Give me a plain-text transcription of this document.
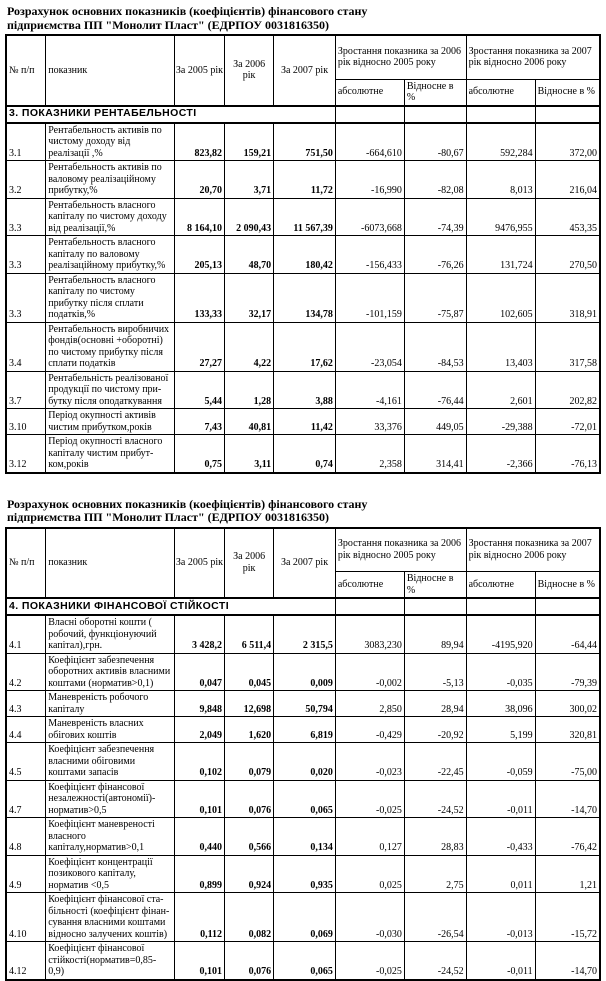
Розрахунок основних показників (коефіцієнтів) фінансового стану
підприємства ПП "Монолит Пласт" (ЕДРПОУ 0031816350)
№ п/п	показник	За 2005 рік	За 2006 рік	За 2007 рік	Зростання показника за 2006 рік відносно 2005 року		Зростання показника за 2007 рік відносно 2006 року	
					абсолютне	Відносне в %	абсолютне	Відносне в %
3. ПОКАЗНИКИ РЕНТАБЕЛЬНОСТІ								
3.1	Рентабельность активів по чистому доходу від реалізації ,%	823,82	159,21	751,50	-664,610	-80,67	592,284	372,00
3.2	Рентабельность активів по валовому реалізаційному прибутку,%	20,70	3,71	11,72	-16,990	-82,08	8,013	216,04
3.3	Рентабельность власного капіталу по чистому доходу від реалізації,%	8 164,10	2 090,43	11 567,39	-6073,668	-74,39	9476,955	453,35
3.3	Рентабельность власного капіталу по валовому реалізаційному прибутку,%	205,13	48,70	180,42	-156,433	-76,26	131,724	270,50
3.3	Рентабельность власного капіталу по чистому прибутку після сплати податків,%	133,33	32,17	134,78	-101,159	-75,87	102,605	318,91
3.4	Рентабельность виробничих фондів(основні +оборотні) по чистому прибутку після сплати податків	27,27	4,22	17,62	-23,054	-84,53	13,403	317,58
3.7	Рентабельність реалізованої продукції по чистому при- бутку після оподаткування	5,44	1,28	3,88	-4,161	-76,44	2,601	202,82
3.10	Період окупності активів чистим прибутком,років	7,43	40,81	11,42	33,376	449,05	-29,388	-72,01
3.12	Період окупності власного капіталу чистим прибут- ком,років	0,75	3,11	0,74	2,358	314,41	-2,366	-76,13
Розрахунок основних показників (коефіцієнтів) фінансового стану
підприємства ПП "Монолит Пласт" (ЕДРПОУ 0031816350)
№ п/п	показник	За 2005 рік	За 2006 рік	За 2007 рік	Зростання показника за 2006 рік відносно 2005 року		Зростання показника за 2007 рік відносно 2006 року	
					абсолютне	Відносне в %	абсолютне	Відносне в %
4. ПОКАЗНИКИ ФІНАНСОВОЇ СТІЙКОСТІ								
4.1	Власні оборотні кошти ( робочий, функціонуючий капітал),грн.	3 428,2	6 511,4	2 315,5	3083,230	89,94	-4195,920	-64,44
4.2	Коефіцієнт забезпечення оборотних активів власними коштами (норматив>0,1)	0,047	0,045	0,009	-0,002	-5,13	-0,035	-79,39
4.3	Маневреність робочого капіталу	9,848	12,698	50,794	2,850	28,94	38,096	300,02
4.4	Маневреність власних обігових коштів	2,049	1,620	6,819	-0,429	-20,92	5,199	320,81
4.5	Коефіцієнт забезпечення власними обіговими коштами запасів	0,102	0,079	0,020	-0,023	-22,45	-0,059	-75,00
4.7	Коефіцієнт фінансової незалежності(автономії)- норматив>0,5	0,101	0,076	0,065	-0,025	-24,52	-0,011	-14,70
4.8	Коефіцієнт маневреності власного капіталу,норматив>0,1	0,440	0,566	0,134	0,127	28,83	-0,433	-76,42
4.9	Коефіцієнт концентрації позикового капіталу, норматив <0,5	0,899	0,924	0,935	0,025	2,75	0,011	1,21
4.10	Коефіцієнт фінансової ста- більності (коефіцієнт фінан- сування власними коштами відносно залучених коштів)	0,112	0,082	0,069	-0,030	-26,54	-0,013	-15,72
4.12	Коефіцієнт фінансової стійкості(норматив=0,85-0,9)	0,101	0,076	0,065	-0,025	-24,52	-0,011	-14,70
